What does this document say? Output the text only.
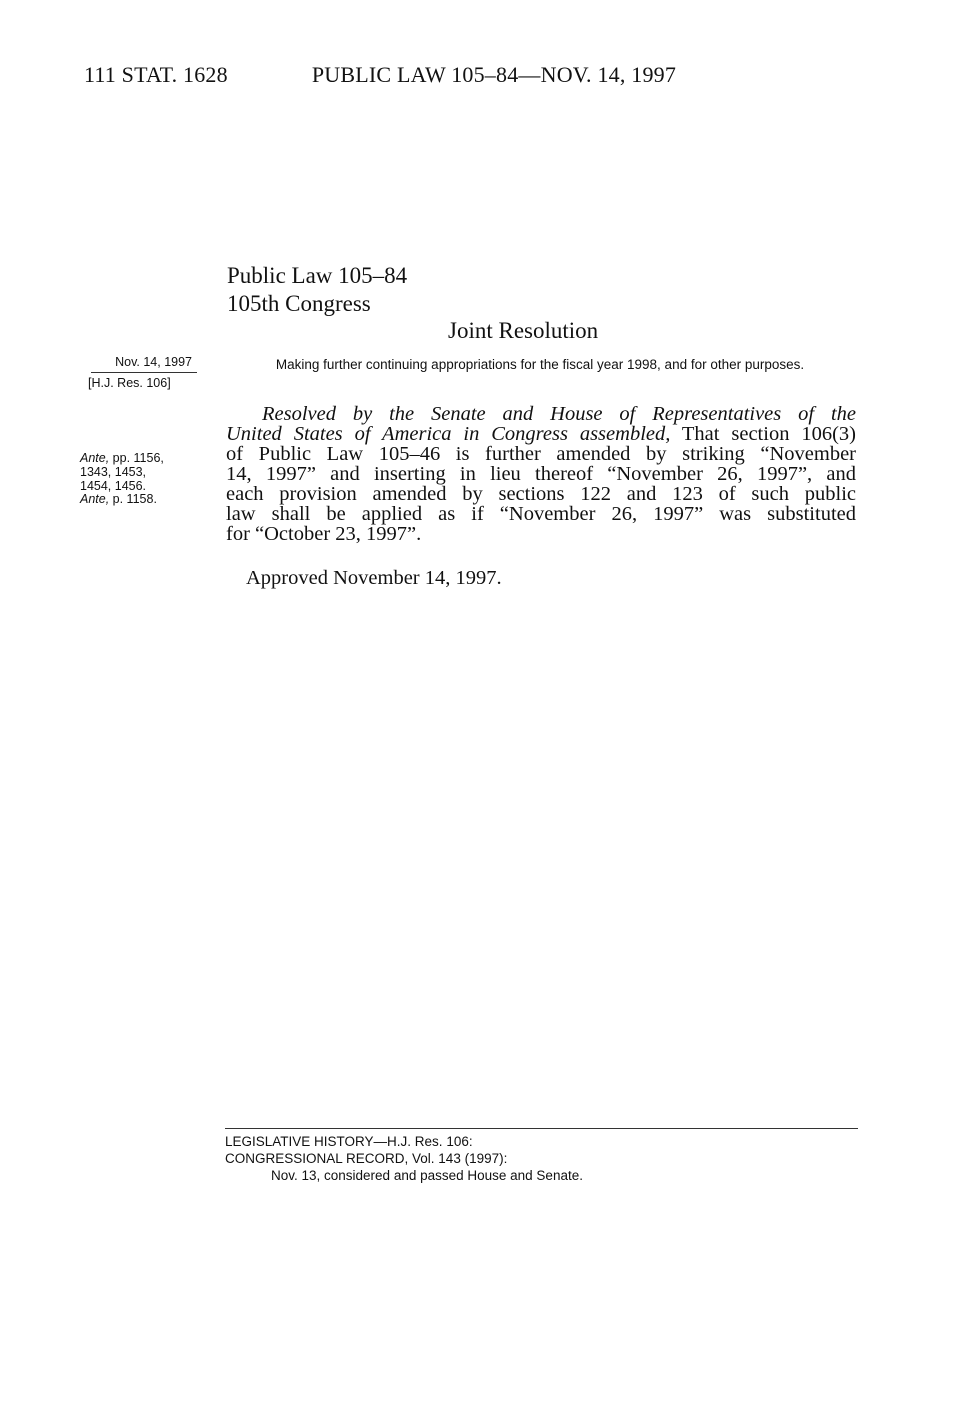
111 STAT. 1628	PUBLIC LAW 105–84—NOV. 14, 1997
Public Law 105–84
105th Congress
Joint Resolution
Nov. 14, 1997
[H.J. Res. 106]
Ante, pp. 1156,
1343, 1453,
1454, 1456.
Ante, p. 1158.
Making further continuing appropriations for the fiscal year 1998, and for other purposes.
Resolved by the Senate and House of Representatives of the
United States of America in Congress assembled, That section 106(3)
of Public Law 105–46 is further amended by striking “November
14, 1997” and inserting in lieu thereof “November 26, 1997”, and
each provision amended by sections 122 and 123 of such public
law shall be applied as if “November 26, 1997” was substituted
for “October 23, 1997”.
Approved November 14, 1997.
LEGISLATIVE HISTORY—H.J. Res. 106:
CONGRESSIONAL RECORD, Vol. 143 (1997):
Nov. 13, considered and passed House and Senate.
